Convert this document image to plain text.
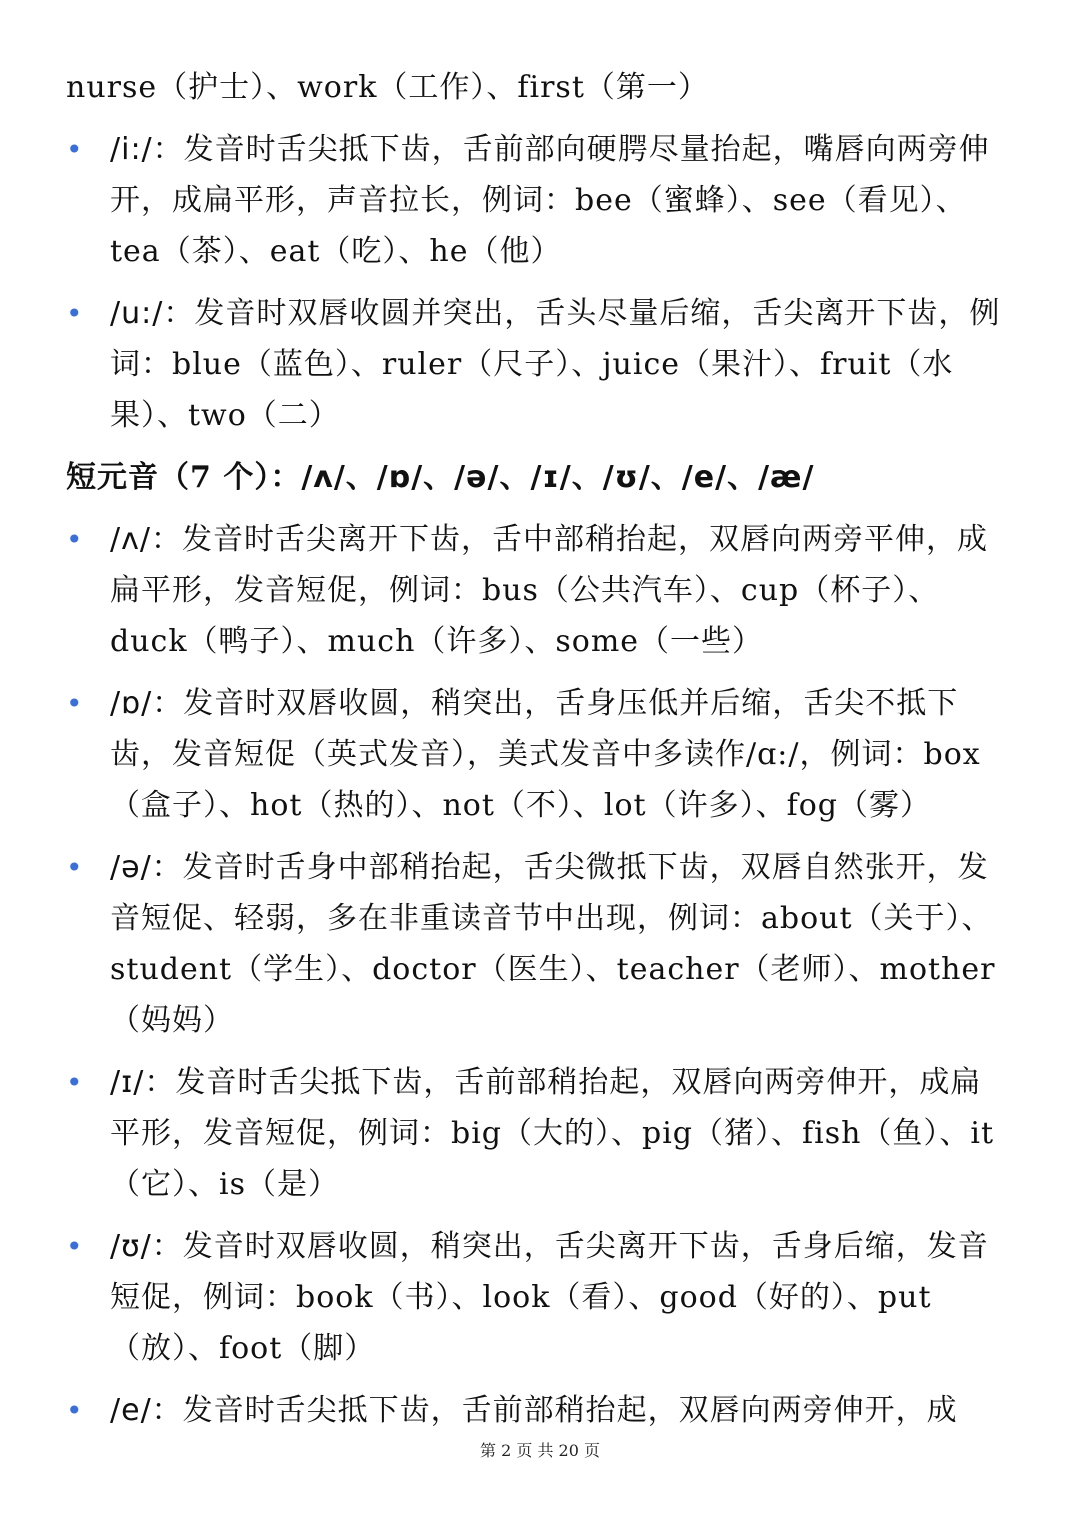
nurse（护士）、work（工作）、first（第一）

• /i:/：发音时舌尖抵下齿，舌前部向硬腭尽量抬起，嘴唇向两旁伸开，成扁平形，声音拉长，例词：bee（蜜蜂）、see（看见）、tea（茶）、eat（吃）、he（他）
• /u:/：发音时双唇收圆并突出，舌头尽量后缩，舌尖离开下齿，例词：blue（蓝色）、ruler（尺子）、juice（果汁）、fruit（水果）、two（二）

短元音（7 个）：/ʌ/、/ɒ/、/ə/、/ɪ/、/ʊ/、/e/、/æ/

• /ʌ/：发音时舌尖离开下齿，舌中部稍抬起，双唇向两旁平伸，成扁平形，发音短促，例词：bus（公共汽车）、cup（杯子）、duck（鸭子）、much（许多）、some（一些）
• /ɒ/：发音时双唇收圆，稍突出，舌身压低并后缩，舌尖不抵下齿，发音短促（英式发音），美式发音中多读作/ɑ:/，例词：box（盒子）、hot（热的）、not（不）、lot（许多）、fog（雾）
• /ə/：发音时舌身中部稍抬起，舌尖微抵下齿，双唇自然张开，发音短促、轻弱，多在非重读音节中出现，例词：about（关于）、student（学生）、doctor（医生）、teacher（老师）、mother（妈妈）
• /ɪ/：发音时舌尖抵下齿，舌前部稍抬起，双唇向两旁伸开，成扁平形，发音短促，例词：big（大的）、pig（猪）、fish（鱼）、it（它）、is（是）
• /ʊ/：发音时双唇收圆，稍突出，舌尖离开下齿，舌身后缩，发音短促，例词：book（书）、look（看）、good（好的）、put（放）、foot（脚）
• /e/：发音时舌尖抵下齿，舌前部稍抬起，双唇向两旁伸开，成
第 2 页 共 20 页
